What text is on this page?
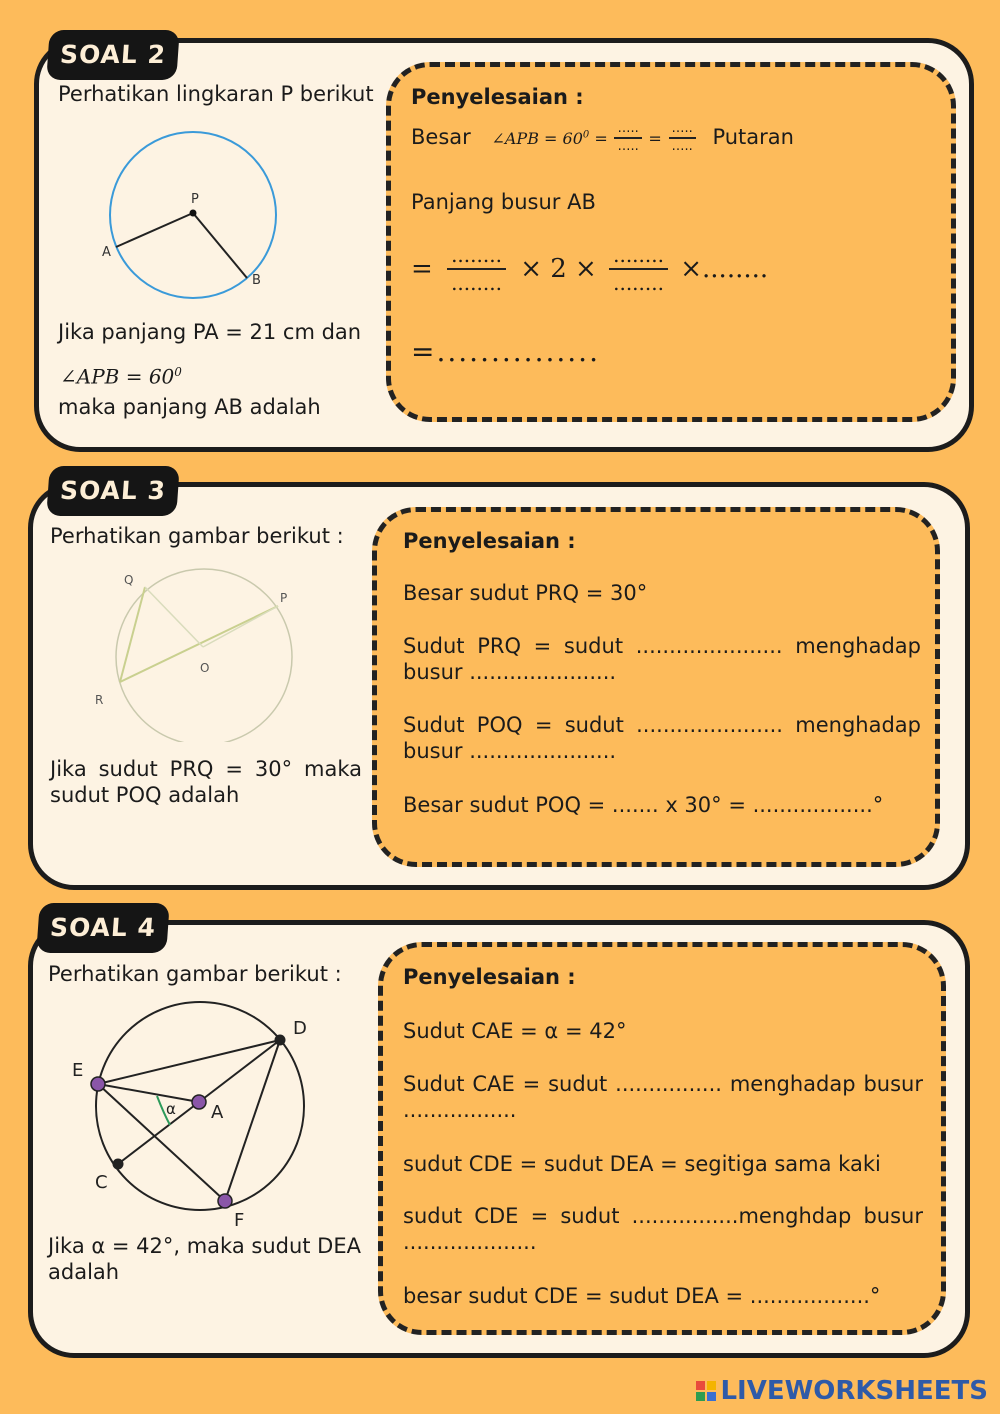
SOAL 2
Perhatikan lingkaran P berikut
P
A
B
Jika panjang PA = 21 cm dan
∠APB = $60^0$
maka panjang AB adalah
Penyelesaian :
Besar ∠APB = $60^0 = \frac{\dots..}{\dots..} = \frac{\dots..}{\dots..}$ Putaran
Panjang busur AB
= $\frac{........}{........} \times 2 \times \frac{........}{........}$ ×........
=...............
SOAL 3
Perhatikan gambar berikut :
Q
P
O
R
Jika sudut PRQ = 30° maka sudut POQ adalah
Penyelesaian :
Besar sudut PRQ = 30°
Sudut PRQ = sudut ...................... menghadap busur ......................
Sudut POQ = sudut ...................... menghadap busur ......................
Besar sudut POQ = ....... x 30° = ..................°
SOAL 4
Perhatikan gambar berikut :
D
E
A
α
C
F
Jika α = 42°, maka sudut DEA adalah
Penyelesaian :
Sudut CAE = α = 42°
Sudut CAE = sudut ................ menghadap busur .................
sudut CDE = sudut DEA = segitiga sama kaki
sudut CDE = sudut ................menghdap busur ....................
besar sudut CDE = sudut DEA = ..................°
LIVEWORKSHEETS
